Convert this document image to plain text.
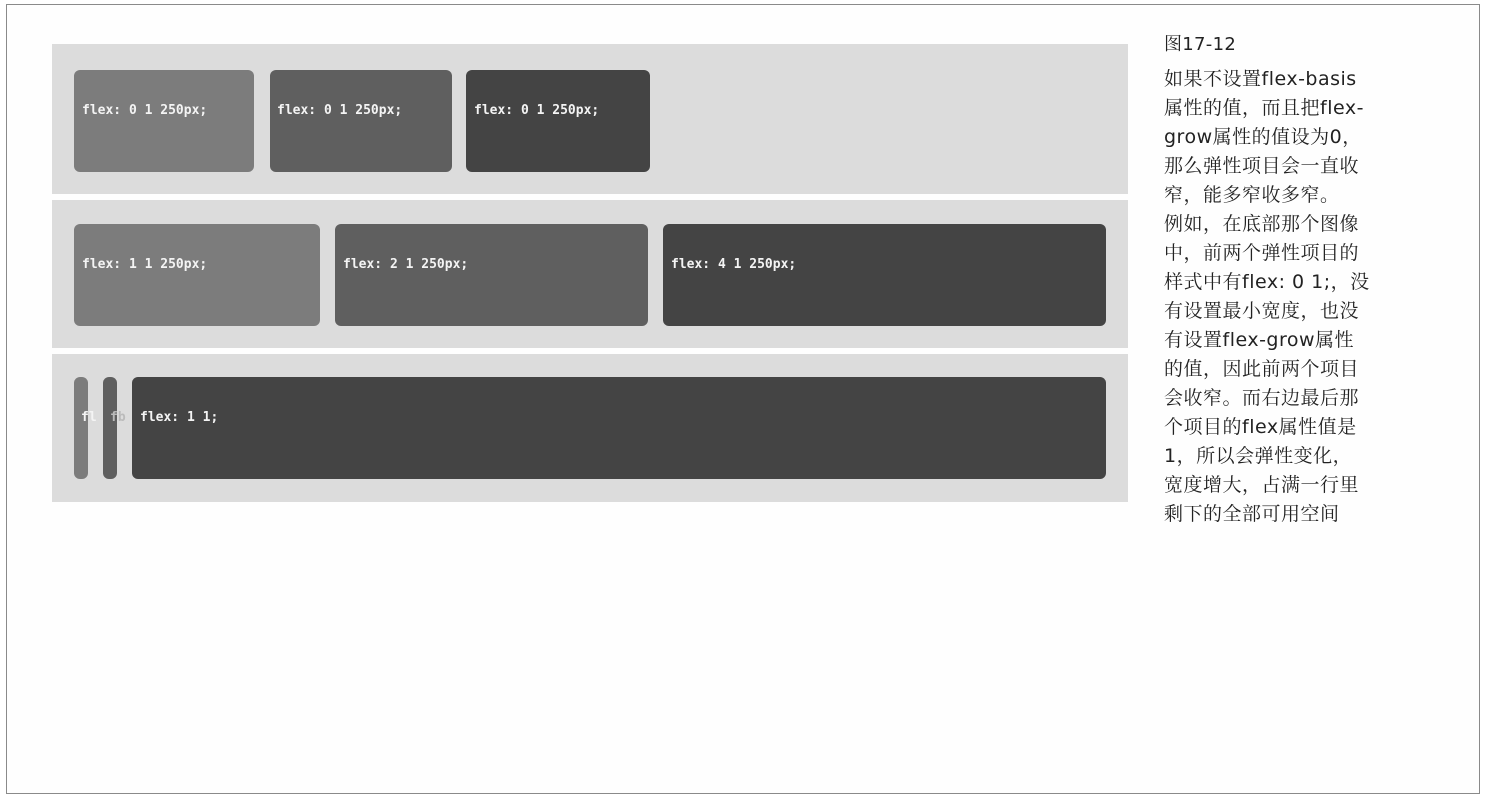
flex: 0 1 250px;	flex: 0 1 250px;	flex: 0 1 250px;
flex: 1 1 250px;	flex: 2 1 250px;	flex: 4 1 250px;
fl fb flex: 1 1;
图17-12
如果不设置flex-basis
属性的值，而且把flex-
grow属性的值设为0，
那么弹性项目会一直收
窄，能多窄收多窄。
例如，在底部那个图像
中，前两个弹性项目的
样式中有flex: 0 1;，没
有设置最小宽度，也没
有设置flex-grow属性
的值，因此前两个项目
会收窄。而右边最后那
个项目的flex属性值是
1，所以会弹性变化，
宽度增大，占满一行里
剩下的全部可用空间
